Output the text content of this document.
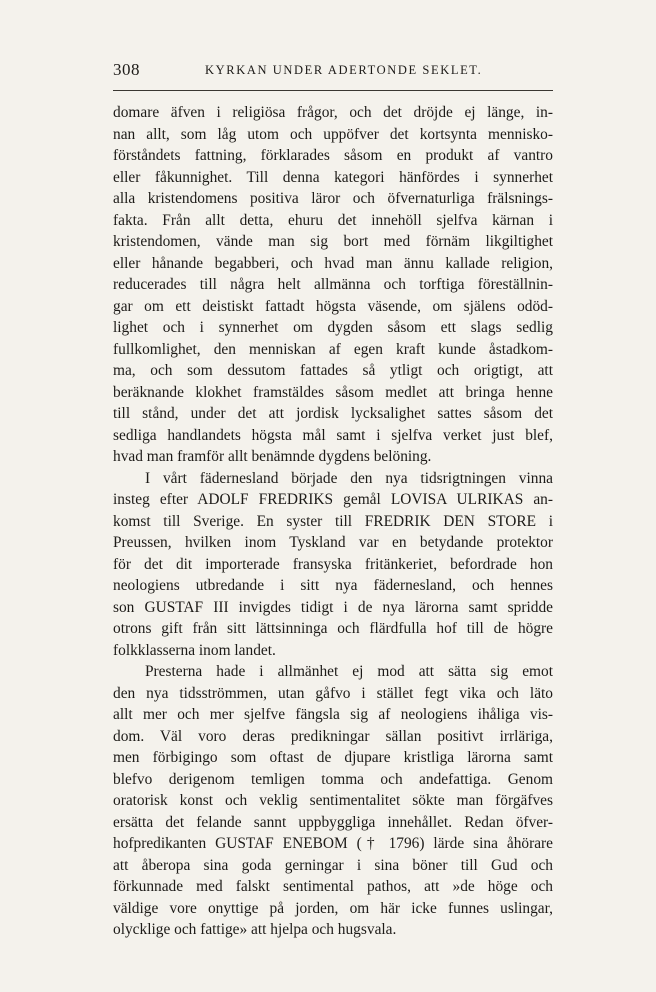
308	KYRKAN UNDER ADERTONDE SEKLET.
domare äfven i religiösa frågor, och det dröjde ej länge, in-
nan allt, som låg utom och uppöfver det kortsynta mennisko-
förståndets fattning, förklarades såsom en produkt af vantro
eller fåkunnighet. Till denna kategori hänfördes i synnerhet
alla kristendomens positiva läror och öfvernaturliga frälsnings-
fakta. Från allt detta, ehuru det innehöll sjelfva kärnan i
kristendomen, vände man sig bort med förnäm likgiltighet
eller hånande begabberi, och hvad man ännu kallade religion,
reducerades till några helt allmänna och torftiga föreställnin-
gar om ett deistiskt fattadt högsta väsende, om själens odöd-
lighet och i synnerhet om dygden såsom ett slags sedlig
fullkomlighet, den menniskan af egen kraft kunde åstadkom-
ma, och som dessutom fattades så ytligt och origtigt, att
beräknande klokhet framstäldes såsom medlet att bringa henne
till stånd, under det att jordisk lycksalighet sattes såsom det
sedliga handlandets högsta mål samt i sjelfva verket just blef,
hvad man framför allt benämnde dygdens belöning.
I vårt fädernesland började den nya tidsrigtningen vinna
insteg efter ADOLF FREDRIKS gemål LOVISA ULRIKAS an-
komst till Sverige. En syster till FREDRIK DEN STORE i
Preussen, hvilken inom Tyskland var en betydande protektor
för det dit importerade fransyska fritänkeriet, befordrade hon
neologiens utbredande i sitt nya fädernesland, och hennes
son GUSTAF III invigdes tidigt i de nya lärorna samt spridde
otrons gift från sitt lättsinninga och flärdfulla hof till de högre
folkklasserna inom landet.
Presterna hade i allmänhet ej mod att sätta sig emot
den nya tidsströmmen, utan gåfvo i stället fegt vika och läto
allt mer och mer sjelfve fängsla sig af neologiens ihåliga vis-
dom. Väl voro deras predikningar sällan positivt irrläriga,
men förbigingo som oftast de djupare kristliga lärorna samt
blefvo derigenom temligen tomma och andefattiga. Genom
oratorisk konst och veklig sentimentalitet sökte man förgäfves
ersätta det felande sannt uppbyggliga innehållet. Redan öfver-
hofpredikanten GUSTAF ENEBOM († 1796) lärde sina åhörare
att åberopa sina goda gerningar i sina böner till Gud och
förkunnade med falskt sentimental pathos, att »de höge och
väldige vore onyttige på jorden, om här icke funnes uslingar,
olycklige och fattige» att hjelpa och hugsvala.
